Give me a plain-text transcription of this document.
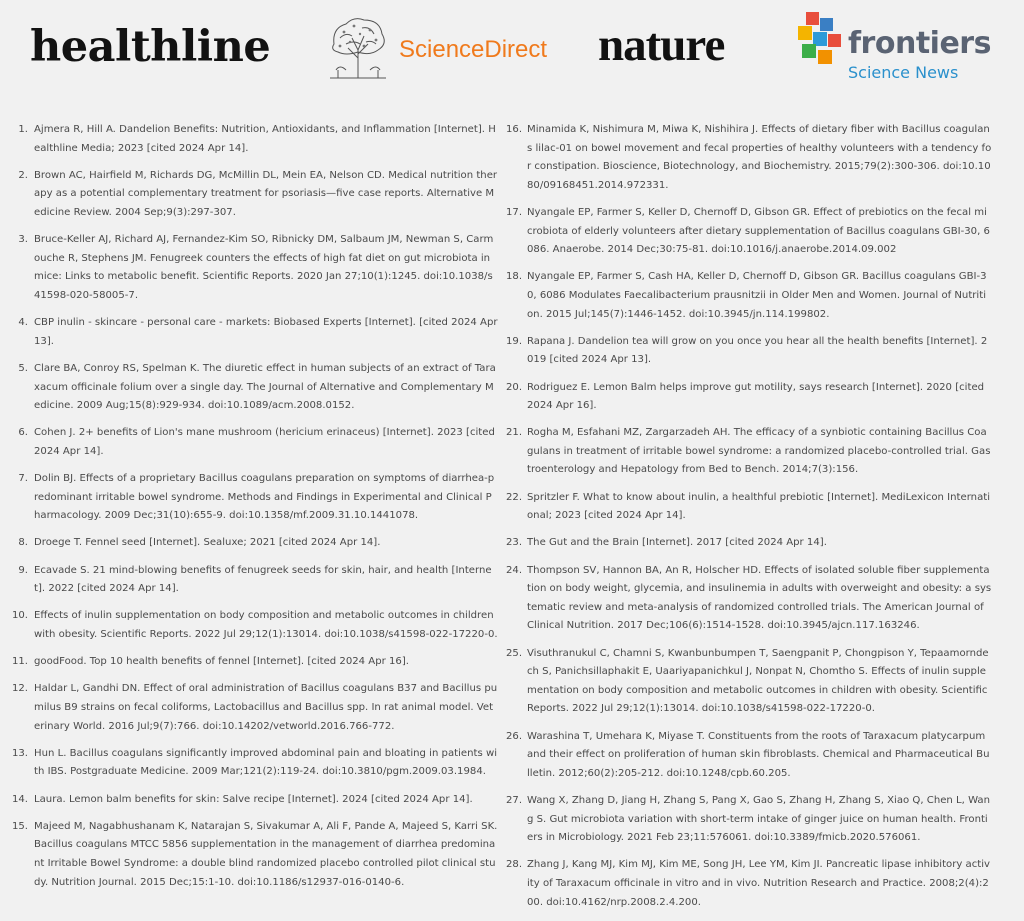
healthline	ScienceDirect nature	frontiers
Science News
1. Ajmera R, Hill A. Dandelion Benefits: Nutrition, Antioxidants, and Inflammation [Internet]. Healthline Media; 2023 [cited 2024 Apr 14].
2. Brown AC, Hairfield M, Richards DG, McMillin DL, Mein EA, Nelson CD. Medical nutrition therapy as a potential complementary treatment for psoriasis—five case reports. Alternative Medicine Review. 2004 Sep;9(3):297-307.
3. Bruce-Keller AJ, Richard AJ, Fernandez-Kim SO, Ribnicky DM, Salbaum JM, Newman S, Carmouche R, Stephens JM. Fenugreek counters the effects of high fat diet on gut microbiota in mice: Links to metabolic benefit. Scientific Reports. 2020 Jan 27;10(1):1245. doi:10.1038/s41598-020-58005-7.
4. CBP inulin - skincare - personal care - markets: Biobased Experts [Internet]. [cited 2024 Apr 13].
5. Clare BA, Conroy RS, Spelman K. The diuretic effect in human subjects of an extract of Taraxacum officinale folium over a single day. The Journal of Alternative and Complementary Medicine. 2009 Aug;15(8):929-934. doi:10.1089/acm.2008.0152.
6. Cohen J. 2+ benefits of Lion's mane mushroom (hericium erinaceus) [Internet]. 2023 [cited 2024 Apr 14].
7. Dolin BJ. Effects of a proprietary Bacillus coagulans preparation on symptoms of diarrhea-predominant irritable bowel syndrome. Methods and Findings in Experimental and Clinical Pharmacology. 2009 Dec;31(10):655-9. doi:10.1358/mf.2009.31.10.1441078.
8. Droege T. Fennel seed [Internet]. Sealuxe; 2021 [cited 2024 Apr 14].
9. Ecavade S. 21 mind-blowing benefits of fenugreek seeds for skin, hair, and health [Internet]. 2022 [cited 2024 Apr 14].
10. Effects of inulin supplementation on body composition and metabolic outcomes in children with obesity. Scientific Reports. 2022 Jul 29;12(1):13014. doi:10.1038/s41598-022-17220-0.
11. goodFood. Top 10 health benefits of fennel [Internet]. [cited 2024 Apr 16].
12. Haldar L, Gandhi DN. Effect of oral administration of Bacillus coagulans B37 and Bacillus pumilus B9 strains on fecal coliforms, Lactobacillus and Bacillus spp. In rat animal model. Veterinary World. 2016 Jul;9(7):766. doi:10.14202/vetworld.2016.766-772.
13. Hun L. Bacillus coagulans significantly improved abdominal pain and bloating in patients with IBS. Postgraduate Medicine. 2009 Mar;121(2):119-24. doi:10.3810/pgm.2009.03.1984.
14. Laura. Lemon balm benefits for skin: Salve recipe [Internet]. 2024 [cited 2024 Apr 14].
15. Majeed M, Nagabhushanam K, Natarajan S, Sivakumar A, Ali F, Pande A, Majeed S, Karri SK. Bacillus coagulans MTCC 5856 supplementation in the management of diarrhea predominant Irritable Bowel Syndrome: a double blind randomized placebo controlled pilot clinical study. Nutrition Journal. 2015 Dec;15:1-10. doi:10.1186/s12937-016-0140-6.
16. Minamida K, Nishimura M, Miwa K, Nishihira J. Effects of dietary fiber with Bacillus coagulans lilac-01 on bowel movement and fecal properties of healthy volunteers with a tendency for constipation. Bioscience, Biotechnology, and Biochemistry. 2015;79(2):300-306. doi:10.1080/09168451.2014.972331.
17. Nyangale EP, Farmer S, Keller D, Chernoff D, Gibson GR. Effect of prebiotics on the fecal microbiota of elderly volunteers after dietary supplementation of Bacillus coagulans GBI-30, 6086. Anaerobe. 2014 Dec;30:75-81. doi:10.1016/j.anaerobe.2014.09.002
18. Nyangale EP, Farmer S, Cash HA, Keller D, Chernoff D, Gibson GR. Bacillus coagulans GBI-30, 6086 Modulates Faecalibacterium prausnitzii in Older Men and Women. Journal of Nutrition. 2015 Jul;145(7):1446-1452. doi:10.3945/jn.114.199802.
19. Rapana J. Dandelion tea will grow on you once you hear all the health benefits [Internet]. 2019 [cited 2024 Apr 13].
20. Rodriguez E. Lemon Balm helps improve gut motility, says research [Internet]. 2020 [cited 2024 Apr 16].
21. Rogha M, Esfahani MZ, Zargarzadeh AH. The efficacy of a synbiotic containing Bacillus Coagulans in treatment of irritable bowel syndrome: a randomized placebo-controlled trial. Gastroenterology and Hepatology from Bed to Bench. 2014;7(3):156.
22. Spritzler F. What to know about inulin, a healthful prebiotic [Internet]. MediLexicon International; 2023 [cited 2024 Apr 14].
23. The Gut and the Brain [Internet]. 2017 [cited 2024 Apr 14].
24. Thompson SV, Hannon BA, An R, Holscher HD. Effects of isolated soluble fiber supplementation on body weight, glycemia, and insulinemia in adults with overweight and obesity: a systematic review and meta-analysis of randomized controlled trials. The American Journal of Clinical Nutrition. 2017 Dec;106(6):1514-1528. doi:10.3945/ajcn.117.163246.
25. Visuthranukul C, Chamni S, Kwanbunbumpen T, Saengpanit P, Chongpison Y, Tepaamorndech S, Panichsillaphakit E, Uaariyapanichkul J, Nonpat N, Chomtho S. Effects of inulin supplementation on body composition and metabolic outcomes in children with obesity. Scientific Reports. 2022 Jul 29;12(1):13014. doi:10.1038/s41598-022-17220-0.
26. Warashina T, Umehara K, Miyase T. Constituents from the roots of Taraxacum platycarpum and their effect on proliferation of human skin fibroblasts. Chemical and Pharmaceutical Bulletin. 2012;60(2):205-212. doi:10.1248/cpb.60.205.
27. Wang X, Zhang D, Jiang H, Zhang S, Pang X, Gao S, Zhang H, Zhang S, Xiao Q, Chen L, Wang S. Gut microbiota variation with short-term intake of ginger juice on human health. Frontiers in Microbiology. 2021 Feb 23;11:576061. doi:10.3389/fmicb.2020.576061.
28. Zhang J, Kang MJ, Kim MJ, Kim ME, Song JH, Lee YM, Kim JI. Pancreatic lipase inhibitory activity of Taraxacum officinale in vitro and in vivo. Nutrition Research and Practice. 2008;2(4):200. doi:10.4162/nrp.2008.2.4.200.
